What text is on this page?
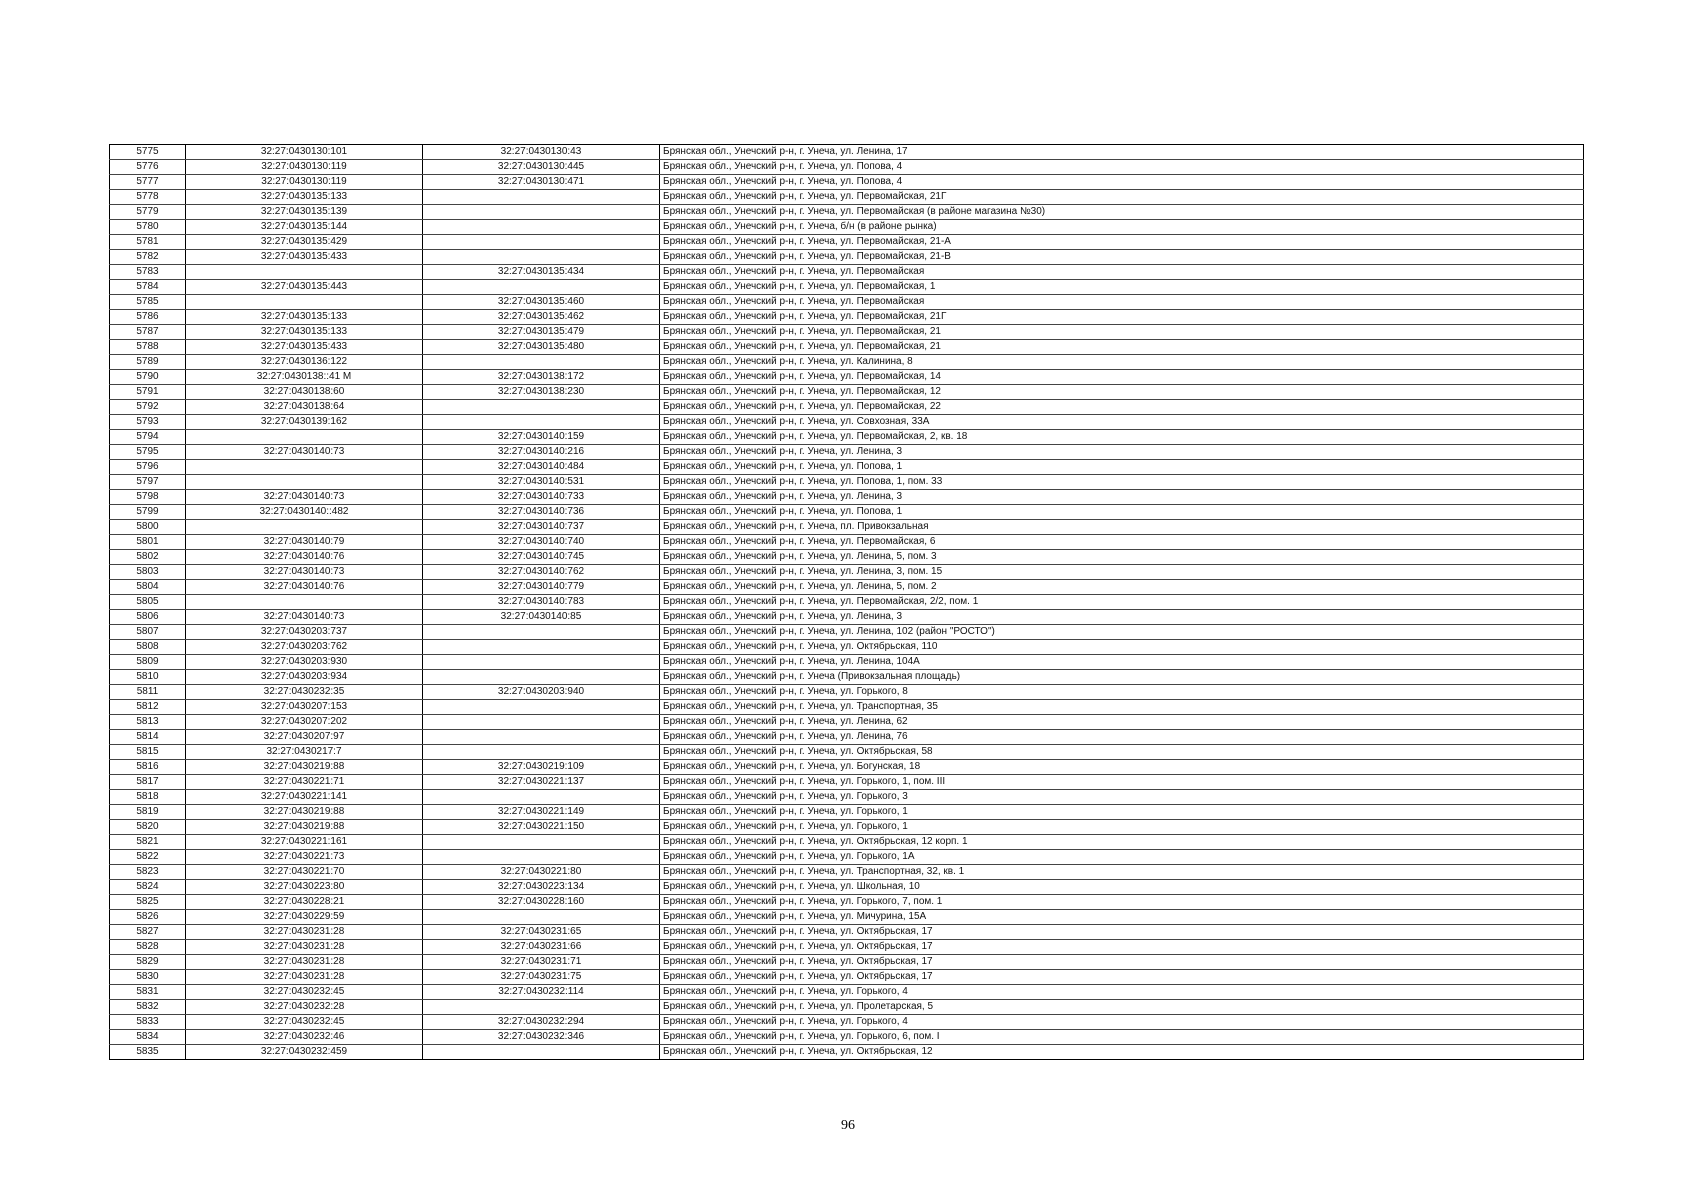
5775	32:27:0430130:101	32:27:0430130:43	Брянская обл., Унечский р-н, г. Унеча, ул. Ленина, 17
5776	32:27:0430130:119	32:27:0430130:445	Брянская обл., Унечский р-н, г. Унеча, ул. Попова, 4
5777	32:27:0430130:119	32:27:0430130:471	Брянская обл., Унечский р-н, г. Унеча, ул. Попова, 4
5778	32:27:0430135:133		Брянская обл., Унечский р-н, г. Унеча, ул. Первомайская, 21Г
5779	32:27:0430135:139		Брянская обл., Унечский р-н, г. Унеча, ул. Первомайская (в районе магазина №30)
5780	32:27:0430135:144		Брянская обл., Унечский р-н, г. Унеча, б/н (в районе рынка)
5781	32:27:0430135:429		Брянская обл., Унечский р-н, г. Унеча, ул. Первомайская, 21-А
5782	32:27:0430135:433		Брянская обл., Унечский р-н, г. Унеча, ул. Первомайская, 21-В
5783		32:27:0430135:434	Брянская обл., Унечский р-н, г. Унеча, ул. Первомайская
5784	32:27:0430135:443		Брянская обл., Унечский р-н, г. Унеча, ул. Первомайская, 1
5785		32:27:0430135:460	Брянская обл., Унечский р-н, г. Унеча, ул. Первомайская
5786	32:27:0430135:133	32:27:0430135:462	Брянская обл., Унечский р-н, г. Унеча, ул. Первомайская, 21Г
5787	32:27:0430135:133	32:27:0430135:479	Брянская обл., Унечский р-н, г. Унеча, ул. Первомайская, 21
5788	32:27:0430135:433	32:27:0430135:480	Брянская обл., Унечский р-н, г. Унеча, ул. Первомайская, 21
5789	32:27:0430136:122		Брянская обл., Унечский р-н, г. Унеча, ул. Калинина, 8
5790	32:27:0430138::41 М	32:27:0430138:172	Брянская обл., Унечский р-н, г. Унеча, ул. Первомайская, 14
5791	32:27:0430138:60	32:27:0430138:230	Брянская обл., Унечский р-н, г. Унеча, ул. Первомайская, 12
5792	32:27:0430138:64		Брянская обл., Унечский р-н, г. Унеча, ул. Первомайская, 22
5793	32:27:0430139:162		Брянская обл., Унечский р-н, г. Унеча, ул. Совхозная, 33А
5794		32:27:0430140:159	Брянская обл., Унечский р-н, г. Унеча, ул. Первомайская, 2, кв. 18
5795	32:27:0430140:73	32:27:0430140:216	Брянская обл., Унечский р-н, г. Унеча, ул. Ленина, 3
5796		32:27:0430140:484	Брянская обл., Унечский р-н, г. Унеча, ул. Попова, 1
5797		32:27:0430140:531	Брянская обл., Унечский р-н, г. Унеча, ул. Попова, 1, пом. 33
5798	32:27:0430140:73	32:27:0430140:733	Брянская обл., Унечский р-н, г. Унеча, ул. Ленина, 3
5799	32:27:0430140::482	32:27:0430140:736	Брянская обл., Унечский р-н, г. Унеча, ул. Попова, 1
5800		32:27:0430140:737	Брянская обл., Унечский р-н, г. Унеча, пл. Привокзальная
5801	32:27:0430140:79	32:27:0430140:740	Брянская обл., Унечский р-н, г. Унеча, ул. Первомайская, 6
5802	32:27:0430140:76	32:27:0430140:745	Брянская обл., Унечский р-н, г. Унеча, ул. Ленина, 5, пом. 3
5803	32:27:0430140:73	32:27:0430140:762	Брянская обл., Унечский р-н, г. Унеча, ул. Ленина, 3, пом. 15
5804	32:27:0430140:76	32:27:0430140:779	Брянская обл., Унечский р-н, г. Унеча, ул. Ленина, 5, пом. 2
5805		32:27:0430140:783	Брянская обл., Унечский р-н, г. Унеча, ул. Первомайская, 2/2, пом. 1
5806	32:27:0430140:73	32:27:0430140:85	Брянская обл., Унечский р-н, г. Унеча, ул. Ленина, 3
5807	32:27:0430203:737		Брянская обл., Унечский р-н, г. Унеча, ул. Ленина, 102 (район "РОСТО")
5808	32:27:0430203:762		Брянская обл., Унечский р-н, г. Унеча, ул. Октябрьская, 110
5809	32:27:0430203:930		Брянская обл., Унечский р-н, г. Унеча, ул. Ленина, 104А
5810	32:27:0430203:934		Брянская обл., Унечский р-н, г. Унеча (Привокзальная площадь)
5811	32:27:0430232:35	32:27:0430203:940	Брянская обл., Унечский р-н, г. Унеча, ул. Горького, 8
5812	32:27:0430207:153		Брянская обл., Унечский р-н, г. Унеча, ул. Транспортная, 35
5813	32:27:0430207:202		Брянская обл., Унечский р-н, г. Унеча, ул. Ленина, 62
5814	32:27:0430207:97		Брянская обл., Унечский р-н, г. Унеча, ул. Ленина, 76
5815	32:27:0430217:7		Брянская обл., Унечский р-н, г. Унеча, ул. Октябрьская, 58
5816	32:27:0430219:88	32:27:0430219:109	Брянская обл., Унечский р-н, г. Унеча, ул. Богунская, 18
5817	32:27:0430221:71	32:27:0430221:137	Брянская обл., Унечский р-н, г. Унеча, ул. Горького, 1, пом. III
5818	32:27:0430221:141		Брянская обл., Унечский р-н, г. Унеча, ул. Горького, 3
5819	32:27:0430219:88	32:27:0430221:149	Брянская обл., Унечский р-н, г. Унеча, ул. Горького, 1
5820	32:27:0430219:88	32:27:0430221:150	Брянская обл., Унечский р-н, г. Унеча, ул. Горького, 1
5821	32:27:0430221:161		Брянская обл., Унечский р-н, г. Унеча, ул. Октябрьская, 12 корп. 1
5822	32:27:0430221:73		Брянская обл., Унечский р-н, г. Унеча, ул. Горького, 1А
5823	32:27:0430221:70	32:27:0430221:80	Брянская обл., Унечский р-н, г. Унеча, ул. Транспортная, 32, кв. 1
5824	32:27:0430223:80	32:27:0430223:134	Брянская обл., Унечский р-н, г. Унеча, ул. Школьная, 10
5825	32:27:0430228:21	32:27:0430228:160	Брянская обл., Унечский р-н, г. Унеча, ул. Горького, 7, пом. 1
5826	32:27:0430229:59		Брянская обл., Унечский р-н, г. Унеча, ул. Мичурина, 15А
5827	32:27:0430231:28	32:27:0430231:65	Брянская обл., Унечский р-н, г. Унеча, ул. Октябрьская, 17
5828	32:27:0430231:28	32:27:0430231:66	Брянская обл., Унечский р-н, г. Унеча, ул. Октябрьская, 17
5829	32:27:0430231:28	32:27:0430231:71	Брянская обл., Унечский р-н, г. Унеча, ул. Октябрьская, 17
5830	32:27:0430231:28	32:27:0430231:75	Брянская обл., Унечский р-н, г. Унеча, ул. Октябрьская, 17
5831	32:27:0430232:45	32:27:0430232:114	Брянская обл., Унечский р-н, г. Унеча, ул. Горького, 4
5832	32:27:0430232:28		Брянская обл., Унечский р-н, г. Унеча, ул. Пролетарская, 5
5833	32:27:0430232:45	32:27:0430232:294	Брянская обл., Унечский р-н, г. Унеча, ул. Горького, 4
5834	32:27:0430232:46	32:27:0430232:346	Брянская обл., Унечский р-н, г. Унеча, ул. Горького, 6, пом. I
5835	32:27:0430232:459		Брянская обл., Унечский р-н, г. Унеча, ул. Октябрьская, 12
96
